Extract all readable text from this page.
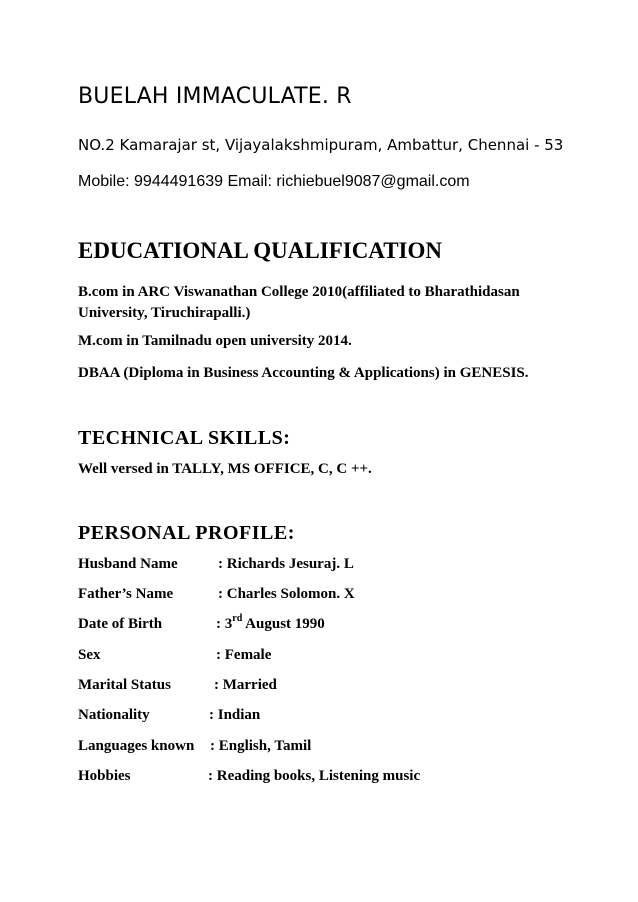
BUELAH IMMACULATE. R
NO.2 Kamarajar st, Vijayalakshmipuram, Ambattur, Chennai - 53
Mobile: 9944491639 Email: richiebuel9087@gmail.com
EDUCATIONAL QUALIFICATION
B.com in ARC Viswanathan College 2010(affiliated to Bharathidasan University, Tiruchirapalli.)
M.com in Tamilnadu open university 2014.
DBAA (Diploma in Business Accounting & Applications) in GENESIS.
TECHNICAL SKILLS:
Well versed in TALLY, MS OFFICE, C, C ++.
PERSONAL PROFILE:
Husband Name	: Richards Jesuraj. L
Father’s Name	: Charles Solomon. X
Date of Birth	: 3rd August 1990
Sex	: Female
Marital Status	: Married
Nationality	: Indian
Languages known : English, Tamil
Hobbies	: Reading books, Listening music
